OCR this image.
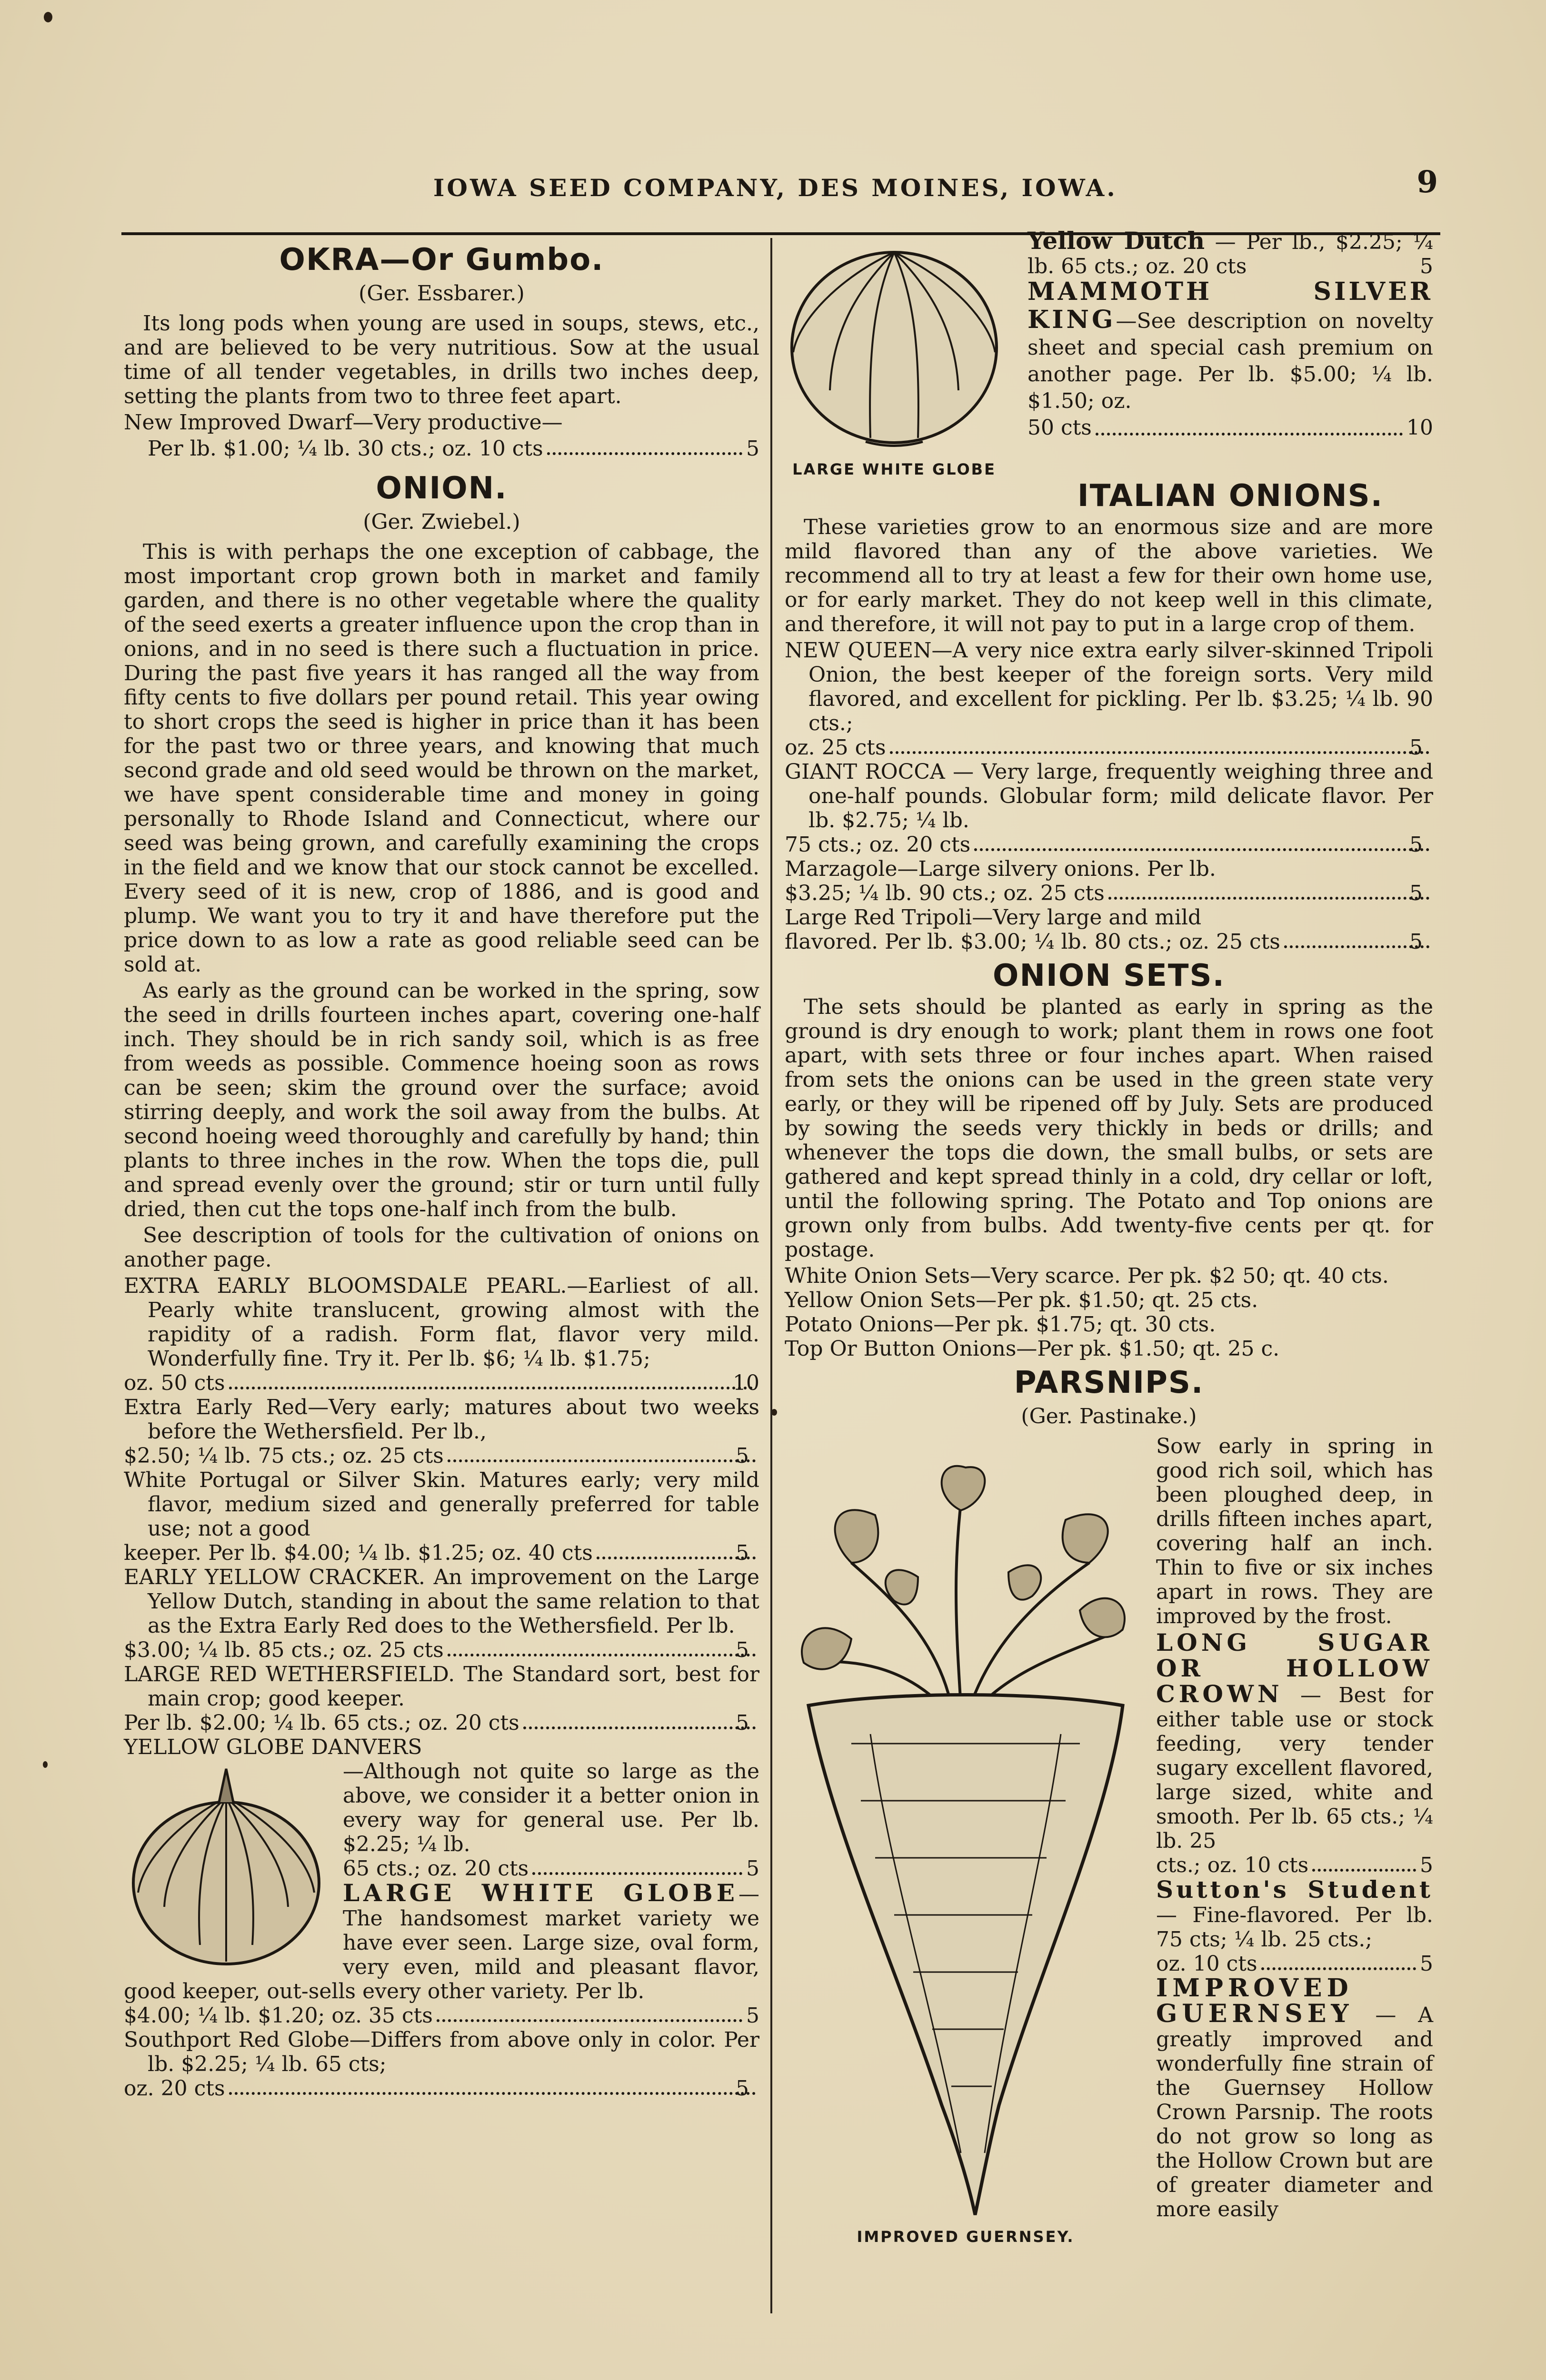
IOWA SEED COMPANY, DES MOINES, IOWA.	9
OKRA—Or Gumbo.
(Ger. Essbarer.)

Its long pods when young are used in soups, stews, etc., and are believed to be very nutritious. Sow at the usual time of all tender vegetables, in drills two inches deep, setting the plants from two to three feet apart.

New Improved Dwarf—Very productive—

Per lb. $1.00; ¼ lb. 30 cts.; oz. 10 cts	5
ONION.
(Ger. Zwiebel.)

This is with perhaps the one exception of cabbage, the most important crop grown both in market and family garden, and there is no other vegetable where the quality of the seed exerts a greater influence upon the crop than in onions, and in no seed is there such a fluctuation in price. During the past five years it has ranged all the way from fifty cents to five dollars per pound retail. This year owing to short crops the seed is higher in price than it has been for the past two or three years, and knowing that much second grade and old seed would be thrown on the market, we have spent considerable time and money in going personally to Rhode Island and Connecticut, where our seed was being grown, and carefully examining the crops in the field and we know that our stock cannot be excelled. Every seed of it is new, crop of 1886, and is good and plump. We want you to try it and have therefore put the price down to as low a rate as good reliable seed can be sold at.

As early as the ground can be worked in the spring, sow the seed in drills fourteen inches apart, covering one-half inch. They should be in rich sandy soil, which is as free from weeds as possible. Commence hoeing soon as rows can be seen; skim the ground over the surface; avoid stirring deeply, and work the soil away from the bulbs. At second hoeing weed thoroughly and carefully by hand; thin plants to three inches in the row. When the tops die, pull and spread evenly over the ground; stir or turn until fully dried, then cut the tops one-half inch from the bulb.

See description of tools for the cultivation of onions on another page.

EXTRA EARLY BLOOMSDALE PEARL.—Earliest of all. Pearly white translucent, growing almost with the rapidity of a radish. Form flat, flavor very mild. Wonderfully fine. Try it. Per lb. $6; ¼ lb. $1.75;
oz. 50 cts	10
Extra Early Red—Very early; matures about two weeks before the Wethersfield. Per lb.,
$2.50; ¼ lb. 75 cts.; oz. 25 cts	5
White Portugal or Silver Skin. Matures early; very mild flavor, medium sized and generally preferred for table use; not a good
keeper. Per lb. $4.00; ¼ lb. $1.25; oz. 40 cts	5
EARLY YELLOW CRACKER. An improvement on the Large Yellow Dutch, standing in about the same relation to that as the Extra Early Red does to the Wethersfield. Per lb.
$3.00; ¼ lb. 85 cts.; oz. 25 cts	5
LARGE RED WETHERSFIELD. The Standard sort, best for main crop; good keeper.
Per lb. $2.00; ¼ lb. 65 cts.; oz. 20 cts	5
YELLOW GLOBE DANVERS
—Although not quite so large as the above, we consider it a better onion in every way for general use. Per lb. $2.25; ¼ lb.
65 cts.; oz. 20 cts	5
LARGE WHITE GLOBE—The handsomest market variety we have ever seen. Large size, oval form, very even, mild and pleasant flavor, good keeper, out-sells every other variety. Per lb.
$4.00; ¼ lb. $1.20; oz. 35 cts	5
Southport Red Globe—Differs from above only in color. Per lb. $2.25; ¼ lb. 65 cts;
oz. 20 cts	5
LARGE WHITE GLOBE
Yellow Dutch — Per lb., $2.25; ¼ lb. 65 cts.; oz. 20 cts	5
MAMMOTH SILVER KING—See description on novelty sheet and special cash premium on another page. Per lb. $5.00; ¼ lb. $1.50; oz.
50 cts	10
ITALIAN ONIONS.

These varieties grow to an enormous size and are more mild flavored than any of the above varieties. We recommend all to try at least a few for their own home use, or for early market. They do not keep well in this climate, and therefore, it will not pay to put in a large crop of them.

NEW QUEEN—A very nice extra early silver-skinned Tripoli Onion, the best keeper of the foreign sorts. Very mild flavored, and excellent for pickling. Per lb. $3.25; ¼ lb. 90 cts.;
oz. 25 cts	5
GIANT ROCCA — Very large, frequently weighing three and one-half pounds. Globular form; mild delicate flavor. Per lb. $2.75; ¼ lb.
75 cts.; oz. 20 cts	5
Marzagole—Large silvery onions. Per lb.
$3.25; ¼ lb. 90 cts.; oz. 25 cts	5
Large Red Tripoli—Very large and mild
flavored. Per lb. $3.00; ¼ lb. 80 cts.; oz. 25 cts	5
ONION SETS.

The sets should be planted as early in spring as the ground is dry enough to work; plant them in rows one foot apart, with sets three or four inches apart. When raised from sets the onions can be used in the green state very early, or they will be ripened off by July. Sets are produced by sowing the seeds very thickly in beds or drills; and whenever the tops die down, the small bulbs, or sets are gathered and kept spread thinly in a cold, dry cellar or loft, until the following spring. The Potato and Top onions are grown only from bulbs. Add twenty-five cents per qt. for postage.

White Onion Sets—Very scarce. Per pk. $2 50; qt. 40 cts.
Yellow Onion Sets—Per pk. $1.50; qt. 25 cts.
Potato Onions—Per pk. $1.75; qt. 30 cts.
Top Or Button Onions—Per pk. $1.50; qt. 25 c.
PARSNIPS.
(Ger. Pastinake.)
IMPROVED GUERNSEY.

Sow early in spring in good rich soil, which has been ploughed deep, in drills fifteen inches apart, covering half an inch. Thin to five or six inches apart in rows. They are improved by the frost.

LONG SUGAR OR HOLLOW CROWN — Best for either table use or stock feeding, very tender sugary excellent flavored, large sized, white and smooth. Per lb. 65 cts.; ¼ lb. 25
cts.; oz. 10 cts	5
Sutton's Student — Fine-flavored. Per lb. 75 cts; ¼ lb. 25 cts.;
oz. 10 cts	5
IMPROVED GUERNSEY — A greatly improved and wonderfully fine strain of the Guernsey Hollow Crown Parsnip. The roots do not grow so long as the Hollow Crown but are of greater diameter and more easily
